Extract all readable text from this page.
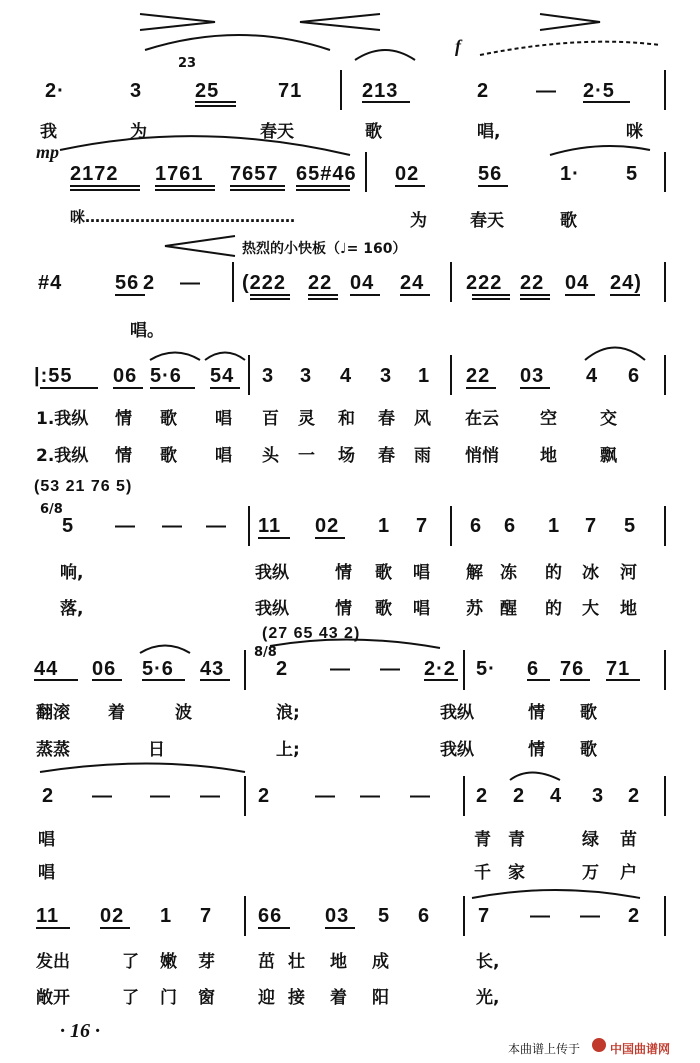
f
23
2·	3	25	71	213	2 — 2·5
我	为	春天	歌	唱,	咪
mp
2172 1761 7657 65#46 02	56	1· 5
咪……………………………………	为	春天	歌
热烈的小快板（♩= 160）
#4	56 2 — (222 22 04 24 222 22 04 24)
唱。
|:55 06 5·6 54 3 3 4 3 1 22 03 4 6
1.我纵 情 歌 唱 百 灵 和 春 风 在云 空	交
2.我纵 情 歌 唱 头 一 场 春 雨 悄悄 地	飘
(53 21 76 5)
6/8
5 — — — 11 02 1 7 6 6 1 7 5
响,	我纵	情 歌 唱 解 冻 的 冰 河
落,	我纵	情 歌 唱 苏 醒 的 大 地
(27 65 43 2)
8/8
44 06 5·6 43	2 — — 2·2 5· 6 76 71
翻滚 着	波	浪;	我纵	情 歌
蒸蒸	日	上;	我纵	情 歌
2 — — — 2 — — — 2 2 4 3 2
唱	青 青	绿 苗
唱	千 家	万 户
11 02 1 7 66 03 5 6 7 — — 2
发出	了 嫩 芽	茁 壮 地 成	长,
敞开	了 门 窗	迎 接 着 阳	光,
· 16 ·
本曲谱上传于 中国曲谱网
